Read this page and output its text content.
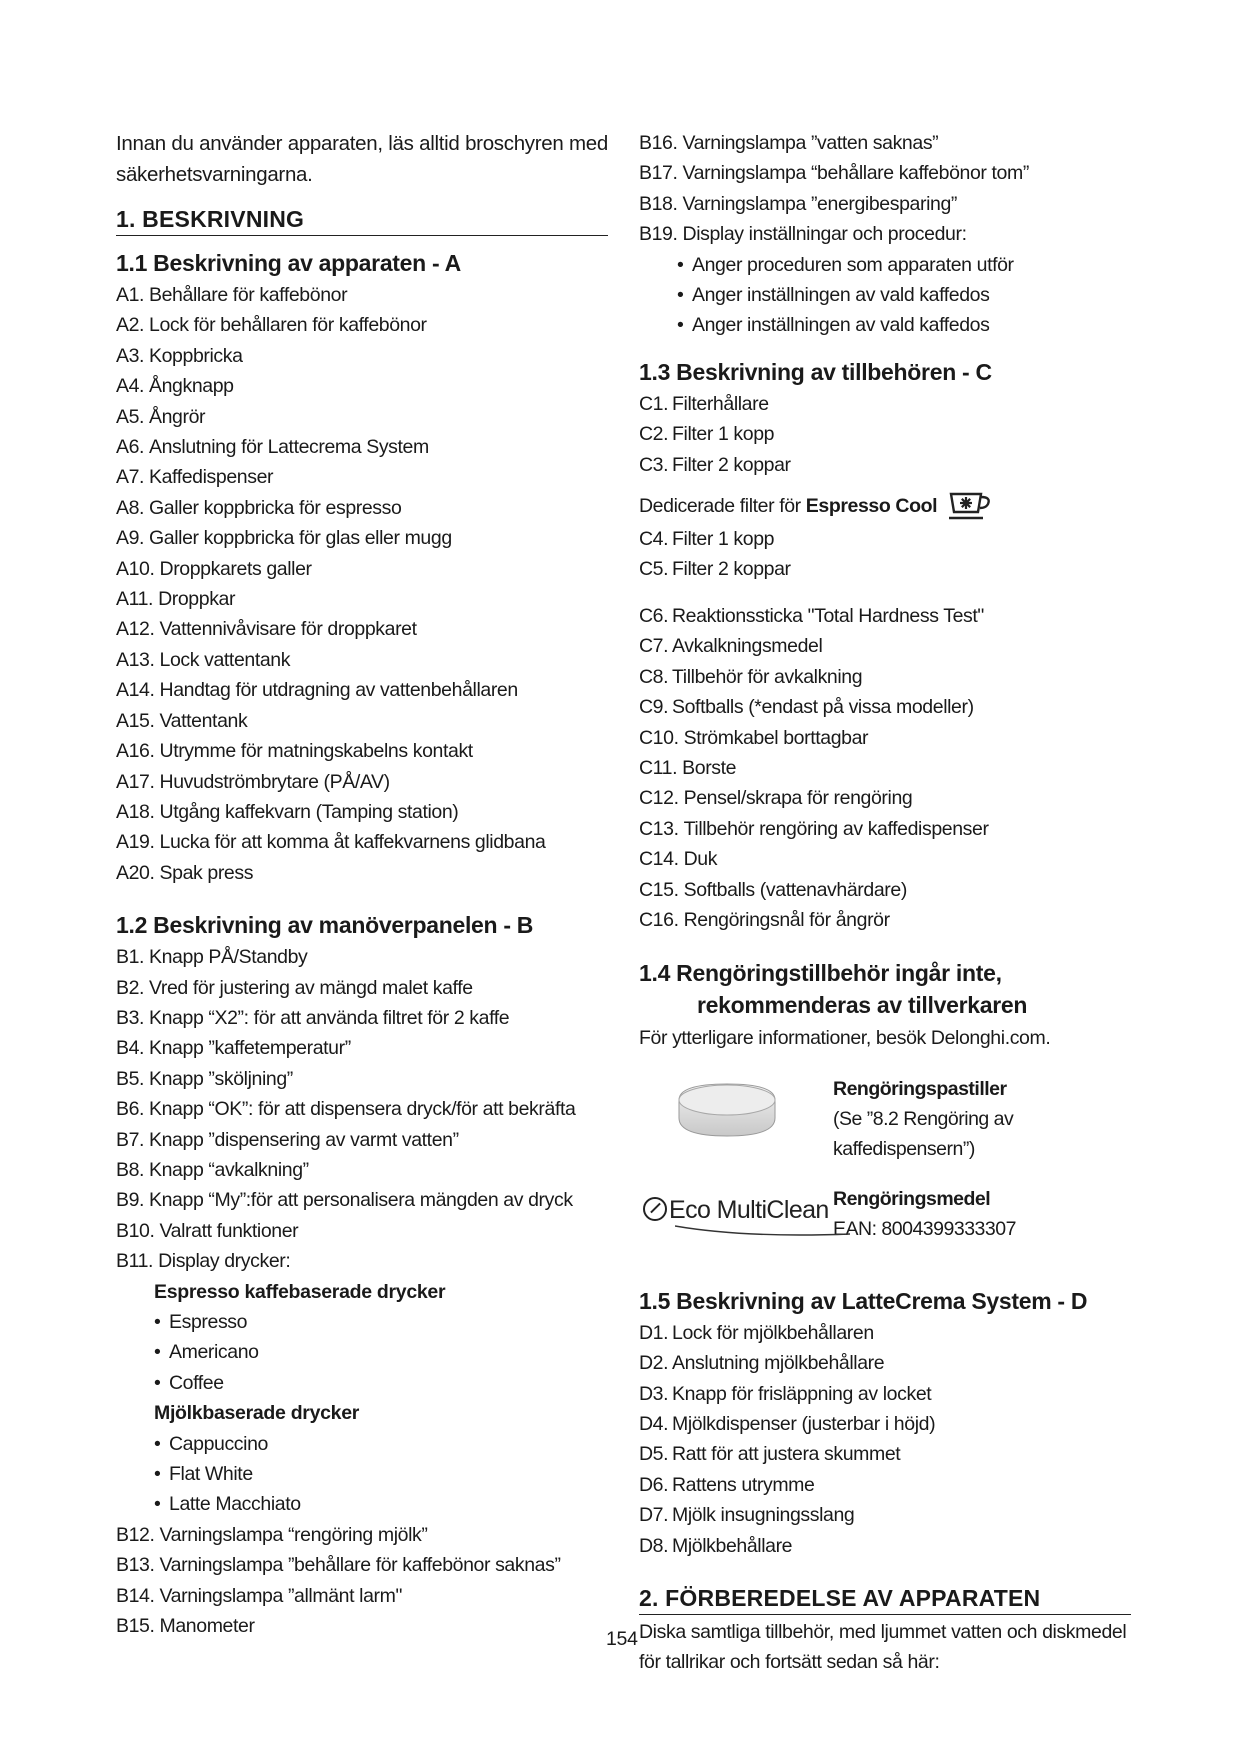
Innan du använder apparaten, läs alltid broschyren med säkerhetsvarningarna.

1. BESKRIVNING
1.1 Beskrivning av apparaten - A
A1. Behållare för kaffebönor
A2. Lock för behållaren för kaffebönor
A3. Koppbricka
A4. Ångknapp
A5. Ångrör
A6. Anslutning för Lattecrema System
A7. Kaffedispenser
A8. Galler koppbricka för espresso
A9. Galler koppbricka för glas eller mugg
A10. Droppkarets galler
A11. Droppkar
A12. Vattennivåvisare för droppkaret
A13. Lock vattentank
A14. Handtag för utdragning av vattenbehållaren
A15. Vattentank
A16. Utrymme för matningskabelns kontakt
A17. Huvudströmbrytare (PÅ/AV)
A18. Utgång kaffekvarn (Tamping station)
A19. Lucka för att komma åt kaffekvarnens glidbana
A20. Spak press
1.2 Beskrivning av manöverpanelen - B
B1. Knapp PÅ/Standby
B2. Vred för justering av mängd malet kaffe
B3. Knapp “X2”: för att använda filtret för 2 kaffe
B4. Knapp ”kaffetemperatur”
B5. Knapp ”sköljning”
B6. Knapp “OK”: för att dispensera dryck/för att bekräfta
B7. Knapp ”dispensering av varmt vatten”
B8. Knapp “avkalkning”
B9. Knapp “My”:för att personalisera mängden av dryck
B10. Valratt funktioner
B11. Display drycker:
Espresso kaffebaserade drycker
• Espresso
• Americano
• Coffee
Mjölkbaserade drycker
• Cappuccino
• Flat White
• Latte Macchiato
B12. Varningslampa “rengöring mjölk”
B13. Varningslampa ”behållare för kaffebönor saknas”
B14. Varningslampa ”allmänt larm"
B15. Manometer
B16. Varningslampa ”vatten saknas”
B17. Varningslampa “behållare kaffebönor tom”
B18. Varningslampa ”energibesparing”
B19. Display inställningar och procedur:
• Anger proceduren som apparaten utför
• Anger inställningen av vald kaffedos
• Anger inställningen av vald kaffedos
1.3 Beskrivning av tillbehören - C
C1. Filterhållare
C2. Filter 1 kopp
C3. Filter 2 koppar
Dedicerade filter för Espresso Cool
C4. Filter 1 kopp
C5. Filter 2 koppar
C6. Reaktionssticka "Total Hardness Test"
C7. Avkalkningsmedel
C8. Tillbehör för avkalkning
C9. Softballs (*endast på vissa modeller)
C10. Strömkabel borttagbar
C11. Borste
C12. Pensel/skrapa för rengöring
C13. Tillbehör rengöring av kaffedispenser
C14. Duk
C15. Softballs (vattenavhärdare)
C16. Rengöringsnål för ångrör
1.4 Rengöringstillbehör ingår inte,
rekommenderas av tillverkaren
För ytterligare informationer, besök Delonghi.com.
Rengöringspastiller
(Se ”8.2 Rengöring av kaffedispensern”)
Eco MultiClean Rengöringsmedel
EAN: 8004399333307
1.5 Beskrivning av LatteCrema System - D
D1. Lock för mjölkbehållaren
D2. Anslutning mjölkbehållare
D3. Knapp för frisläppning av locket
D4. Mjölkdispenser (justerbar i höjd)
D5. Ratt för att justera skummet
D6. Rattens utrymme
D7. Mjölk insugningsslang
D8. Mjölkbehållare
2. FÖRBEREDELSE AV APPARATEN
Diska samtliga tillbehör, med ljummet vatten och diskmedel för tallrikar och fortsätt sedan så här:
154
